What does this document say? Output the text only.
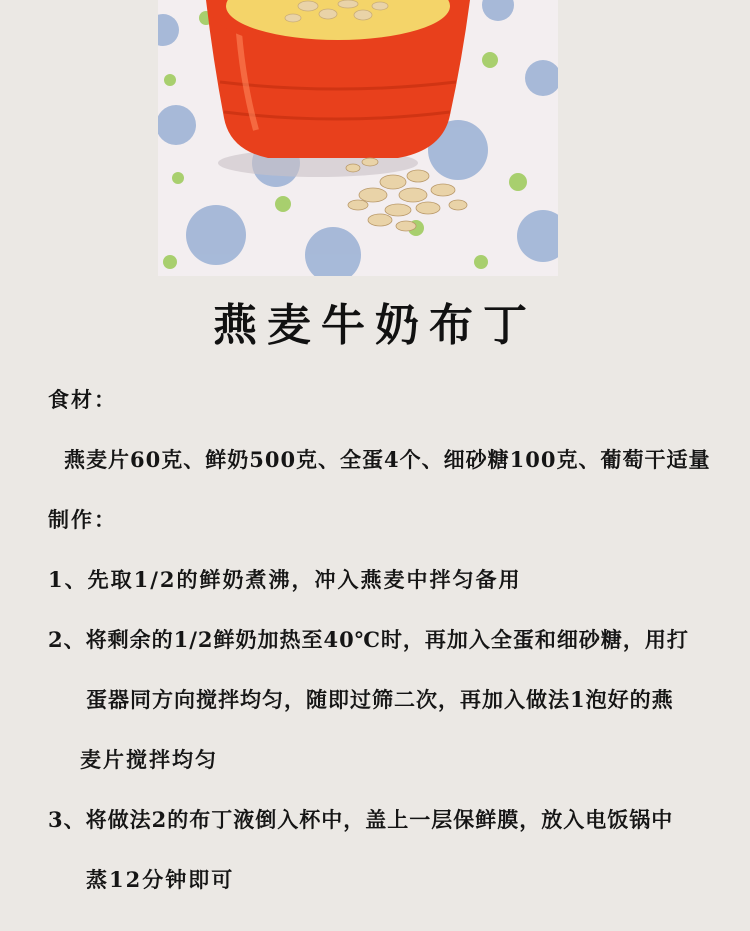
燕麦牛奶布丁
食材：
燕麦片60克、鲜奶500克、全蛋4个、细砂糖100克、葡萄干适量
制作：
1、先取1/2的鲜奶煮沸，冲入燕麦中拌匀备用
2、将剩余的1/2鲜奶加热至40℃时，再加入全蛋和细砂糖，用打
蛋器同方向搅拌均匀，随即过筛二次，再加入做法1泡好的燕
麦片搅拌均匀
3、将做法2的布丁液倒入杯中，盖上一层保鲜膜，放入电饭锅中
蒸12分钟即可
